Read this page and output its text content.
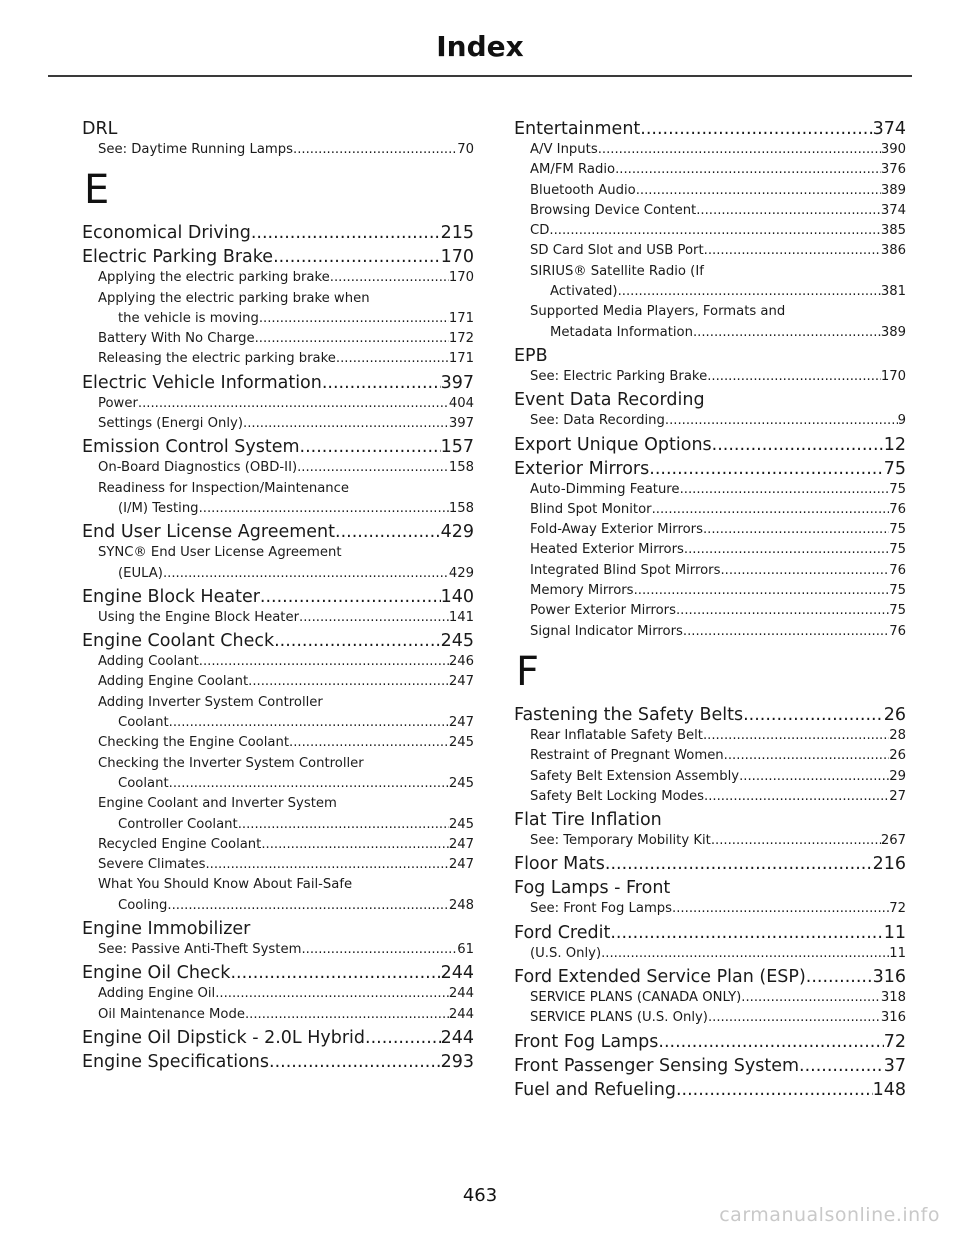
Index
DRL
See: Daytime Running Lamps .....	70
E
Economical Driving .....	215
Electric Parking Brake .....	170
Applying the electric parking brake .....	170
Applying the electric parking brake when
the vehicle is moving .....	171
Battery With No Charge .....	172
Releasing the electric parking brake .....	171
Electric Vehicle Information .....	397
Power .....	404
Settings (Energi Only) .....	397
Emission Control System .....	157
On-Board Diagnostics (OBD-II) .....	158
Readiness for Inspection/Maintenance
(I/M) Testing .....	158
End User License Agreement .....	429
SYNC® End User License Agreement
(EULA) .....	429
Engine Block Heater .....	140
Using the Engine Block Heater .....	141
Engine Coolant Check .....	245
Adding Coolant .....	246
Adding Engine Coolant .....	247
Adding Inverter System Controller
Coolant .....	247
Checking the Engine Coolant .....	245
Checking the Inverter System Controller
Coolant .....	245
Engine Coolant and Inverter System
Controller Coolant .....	245
Recycled Engine Coolant .....	247
Severe Climates .....	247
What You Should Know About Fail-Safe
Cooling .....	248
Engine Immobilizer
See: Passive Anti-Theft System .....	61
Engine Oil Check .....	244
Adding Engine Oil .....	244
Oil Maintenance Mode .....	244
Engine Oil Dipstick - 2.0L Hybrid .....	244
Engine Specifications .....	293
Entertainment .....	374
A/V Inputs .....	390
AM/FM Radio .....	376
Bluetooth Audio .....	389
Browsing Device Content .....	374
CD .....	385
SD Card Slot and USB Port .....	386
SIRIUS® Satellite Radio (If
Activated) .....	381
Supported Media Players, Formats and
Metadata Information .....	389
EPB
See: Electric Parking Brake .....	170
Event Data Recording
See: Data Recording .....	9
Export Unique Options .....	12
Exterior Mirrors .....	75
Auto-Dimming Feature .....	75
Blind Spot Monitor .....	76
Fold-Away Exterior Mirrors .....	75
Heated Exterior Mirrors .....	75
Integrated Blind Spot Mirrors .....	76
Memory Mirrors .....	75
Power Exterior Mirrors .....	75
Signal Indicator Mirrors .....	76
F
Fastening the Safety Belts .....	26
Rear Inflatable Safety Belt .....	28
Restraint of Pregnant Women .....	26
Safety Belt Extension Assembly .....	29
Safety Belt Locking Modes .....	27
Flat Tire Inflation
See: Temporary Mobility Kit .....	267
Floor Mats .....	216
Fog Lamps - Front
See: Front Fog Lamps .....	72
Ford Credit .....	11
(U.S. Only) .....	11
Ford Extended Service Plan (ESP) .....	316
SERVICE PLANS (CANADA ONLY) .....	318
SERVICE PLANS (U.S. Only) .....	316
Front Fog Lamps .....	72
Front Passenger Sensing System .....	37
Fuel and Refueling .....	148
463
carmanualsonline.info
